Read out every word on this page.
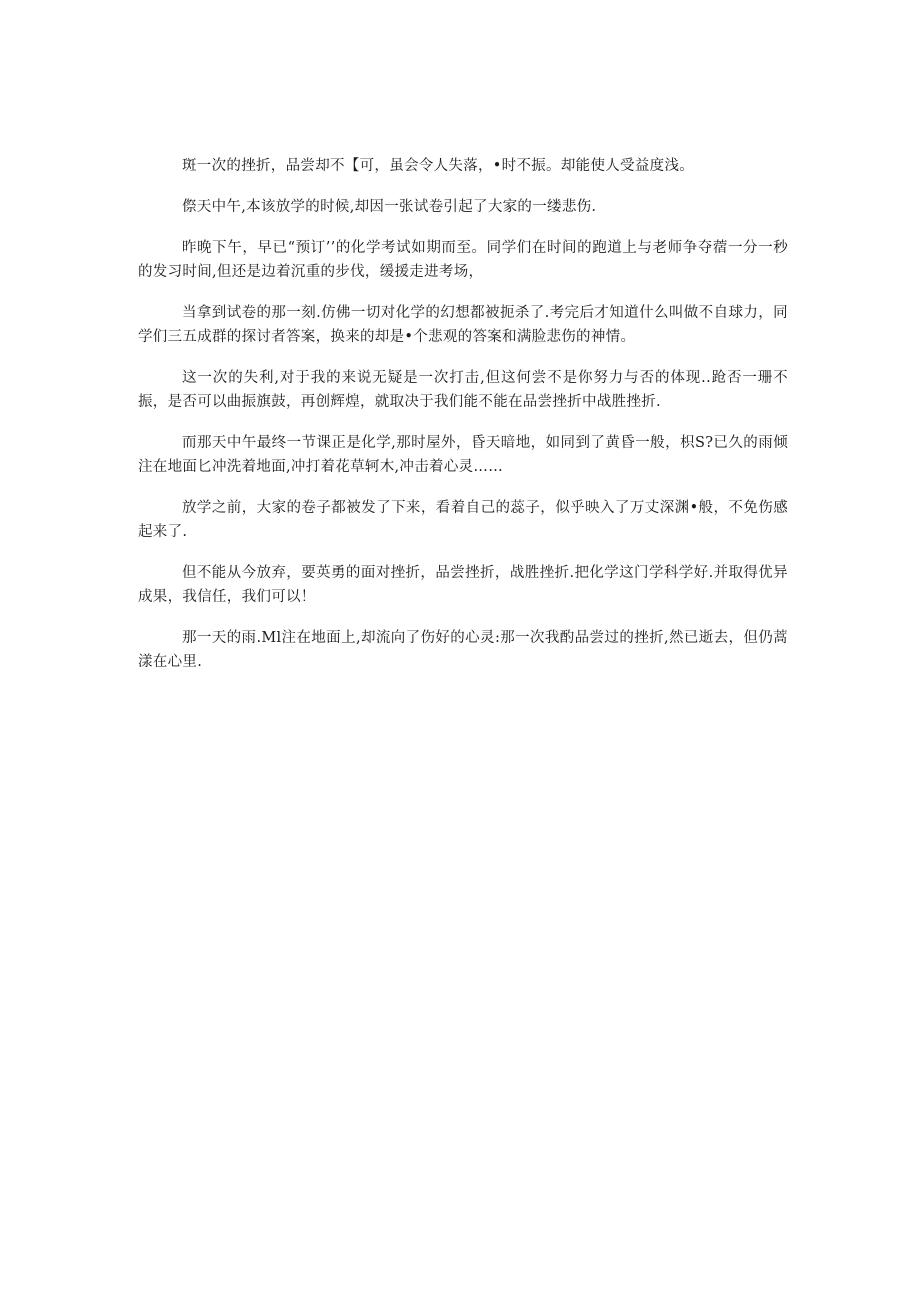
斑一次的挫折，品尝却不【可，虽会令人失落，•时不振。却能使人受益度浅。

傺天中午,本该放学的时候,却因一张试卷引起了大家的一缕悲伤.

昨晚下午，早已“预订’’的化学考试如期而至。同学们在时间的跑道上与老师争夺蓿一分一秒的发习时间,但还是边着沉重的步伐，缓援走进考场，

当拿到试卷的那一刻.仿佛一切对化学的幻想都被扼杀了.考完后才知道什么叫做不自球力，同学们三五成群的探讨者答案，换来的却是•个悲观的答案和满脸悲伤的神情。

这一次的失利,对于我的来说无疑是一次打击,但这何尝不是你努力与否的体现..跄否一珊不振，是否可以曲振旗鼓，再创辉煌，就取决于我们能不能在品尝挫折中战胜挫折.

而那天中午最终一节课正是化学,那时屋外，昏天暗地，如同到了黄昏一般，枳S?已久的雨倾注在地面匕冲洗着地面,冲打着花草轲木,冲击着心灵……

放学之前，大家的卷子都被发了下来，看着自己的蕊子，似乎映入了万丈深渊•般，不免伤感起来了.

但不能从今放弃，要英勇的面对挫折，品尝挫折，战胜挫折.把化学这门学科学好.并取得优异成果，我信任，我们可以！

那一天的雨.Ml注在地面上,却流向了伤好的心灵:那一次我酌品尝过的挫折,然已逝去，但仍蒿漾在心里.
